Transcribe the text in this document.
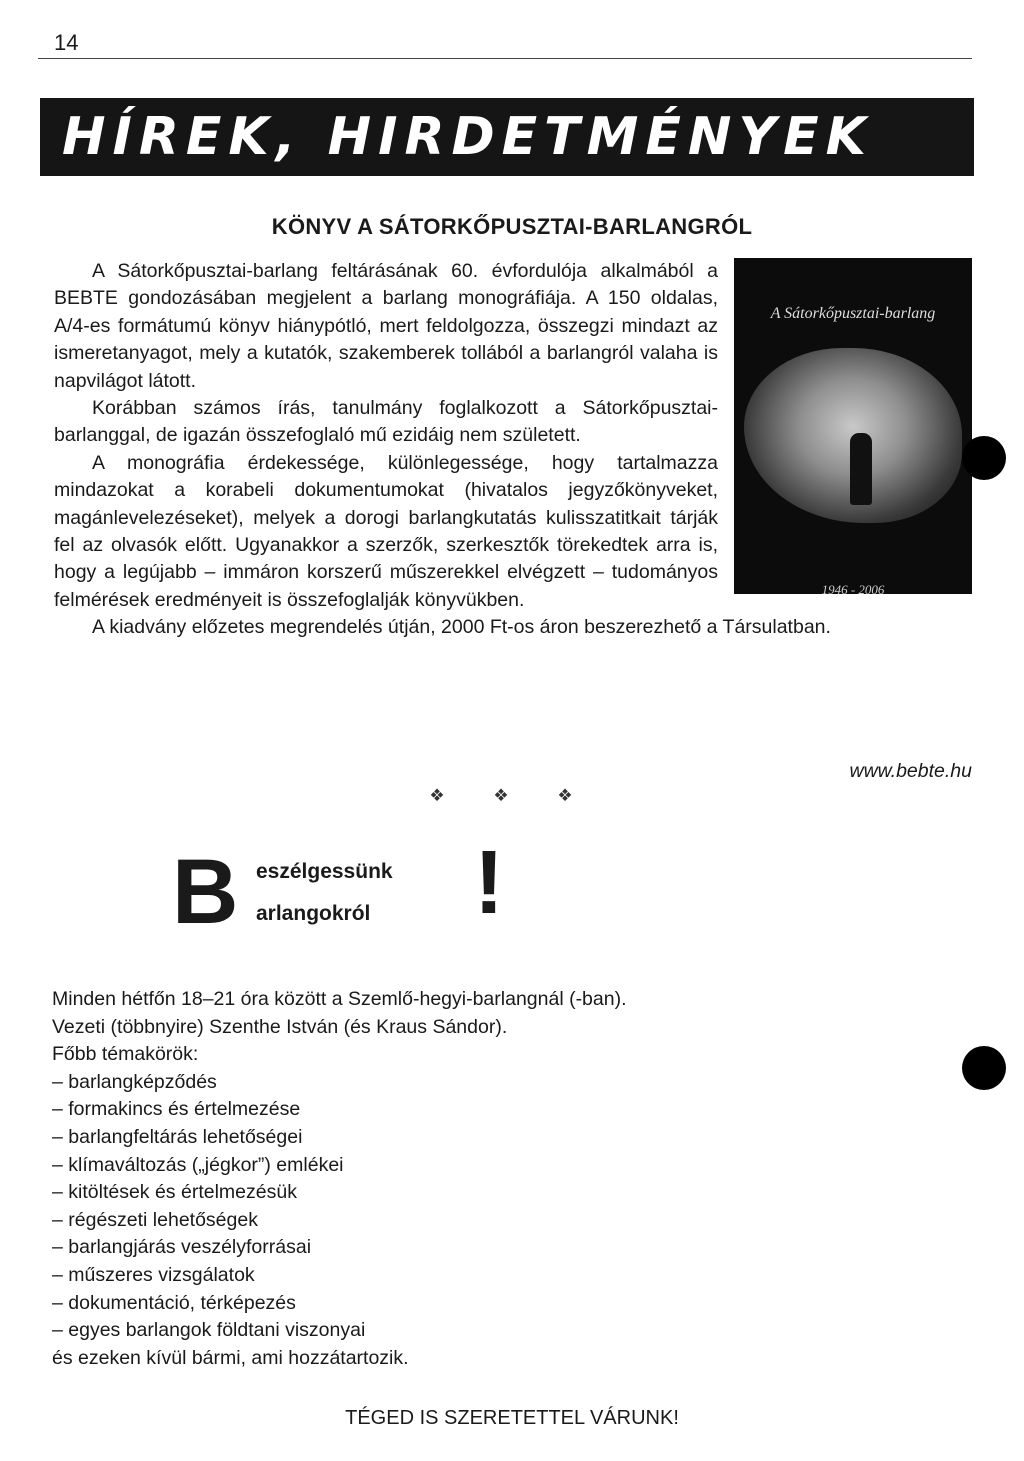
14
HÍREK, HIRDETMÉNYEK
KÖNYV A SÁTORKŐPUSZTAI-BARLANGRÓL
A Sátorkőpusztai-barlang
1946 - 2006

A Sátorkőpusztai-barlang feltárásának 60. évfordulója alkalmából a BEBTE gondozásában megjelent a barlang monográfiája. A 150 oldalas, A/4-es formátumú könyv hiánypótló, mert feldolgozza, összegzi mindazt az ismeretanyagot, mely a kutatók, szakemberek tollából a barlangról valaha is napvilágot látott.

Korábban számos írás, tanulmány foglalkozott a Sátorkőpusztai-barlanggal, de igazán összefoglaló mű ezidáig nem született.

A monográfia érdekessége, különlegessége, hogy tartalmazza mindazokat a korabeli dokumentumokat (hivatalos jegyzőkönyveket, magánlevelezéseket), melyek a dorogi barlangkutatás kulisszatitkait tárják fel az olvasók előtt. Ugyanakkor a szerzők, szerkesztők törekedtek arra is, hogy a legújabb – immáron korszerű műszerekkel elvégzett – tudományos felmérések eredményeit is összefoglalják könyvükben.

A kiadvány előzetes megrendelés útján, 2000 Ft-os áron beszerezhető a Társulatban.

www.bebte.hu
❖ ❖ ❖
B eszélgessünk
arlangokról !
Minden hétfőn 18–21 óra között a Szemlő-hegyi-barlangnál (-ban).
Vezeti (többnyire) Szenthe István (és Kraus Sándor).
Főbb témakörök:
– barlangképződés
– formakincs és értelmezése
– barlangfeltárás lehetőségei
– klímaváltozás („jégkor”) emlékei
– kitöltések és értelmezésük
– régészeti lehetőségek
– barlangjárás veszélyforrásai
– műszeres vizsgálatok
– dokumentáció, térképezés
– egyes barlangok földtani viszonyai
és ezeken kívül bármi, ami hozzátartozik.
TÉGED IS SZERETETTEL VÁRUNK!
